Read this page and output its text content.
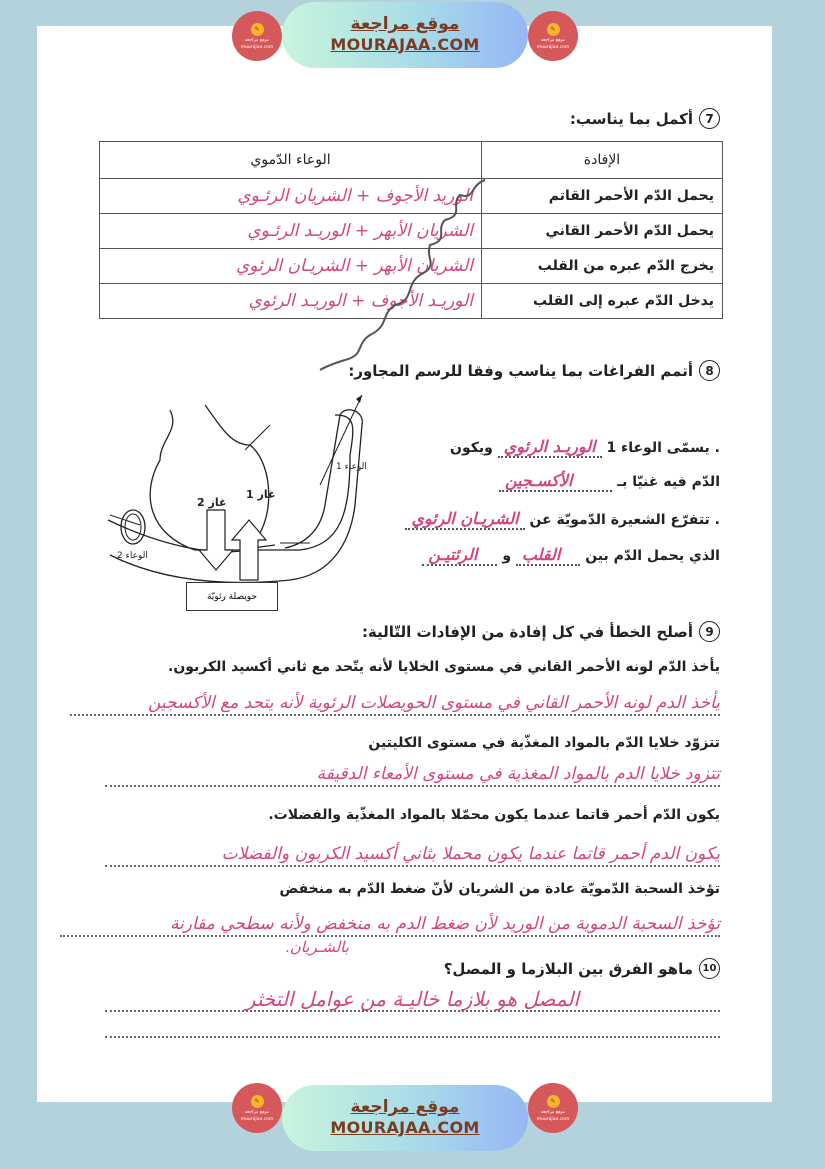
✎
موقع مراجعة
mourajaa.com
موقع مراجعة
MOURAJAA.COM
✎
موقع مراجعة
mourajaa.com
7
أكمل بما يناسب:
الإفادة	الوعاء الدّموي
يحمل الدّم الأحمر القاتم	الوريد الأجوف + الشريان الرئـوي
يحمل الدّم الأحمر القاني	الشريان الأبهر + الوريـد الرئـوي
يخرج الدّم عبره من القلب	الشريان الأبهر + الشريـان الرئوي
يدخل الدّم عبره إلى القلب	الوريـد الأجوف + الوريـد الرئوي
8
أتمم الفراغات بما يناسب وفقا للرسم المجاور:
الوعاء 1
الوعاء 2
غاز 1
غاز 2
حويصلة رئويّة
. يسمّى الوعاء 1 الوريـد الرئوي ويكون
الدّم فيه غنيّا بـ الأكسـجين
. تتفرّع الشعيرة الدّمويّة عن الشريـان الرئوي
الذي يحمل الدّم بين القلب و الرئتيـن
9
أصلح الخطأ في كل إفادة من الإفادات التّالية:
يأخذ الدّم لونه الأحمر القاني في مستوى الخلايا لأنه يتّحد مع ثاني أكسيد الكربون.
يأخذ الدم لونه الأحمر القاني في مستوى الحويصلات الرئوية لأنه يتحد مع الأكسجين
تتزوّد خلايا الدّم بالمواد المغذّية في مستوى الكليتين
تتزود خلايا الدم بالمواد المغذية في مستوى الأمعاء الدقيقة
يكون الدّم أحمر قاتما عندما يكون محمّلا بالمواد المغذّية والفضلات.
يكون الدم أحمر قاتما عندما يكون محملا بثاني أكسيد الكربون والفضلات
تؤخذ السحبة الدّمويّة عادة من الشريان لأنّ ضغط الدّم به منخفض
تؤخذ السحبة الدموية من الوريد لأن ضغط الدم به منخفض ولأنه سطحي مقارنة
بالشـريان.
10
ماهو الفرق بين البلازما و المصل؟
المصل هو بلازما خاليـة من عوامل التخثر
✎
موقع مراجعة
mourajaa.com
موقع مراجعة
MOURAJAA.COM
✎
موقع مراجعة
mourajaa.com
